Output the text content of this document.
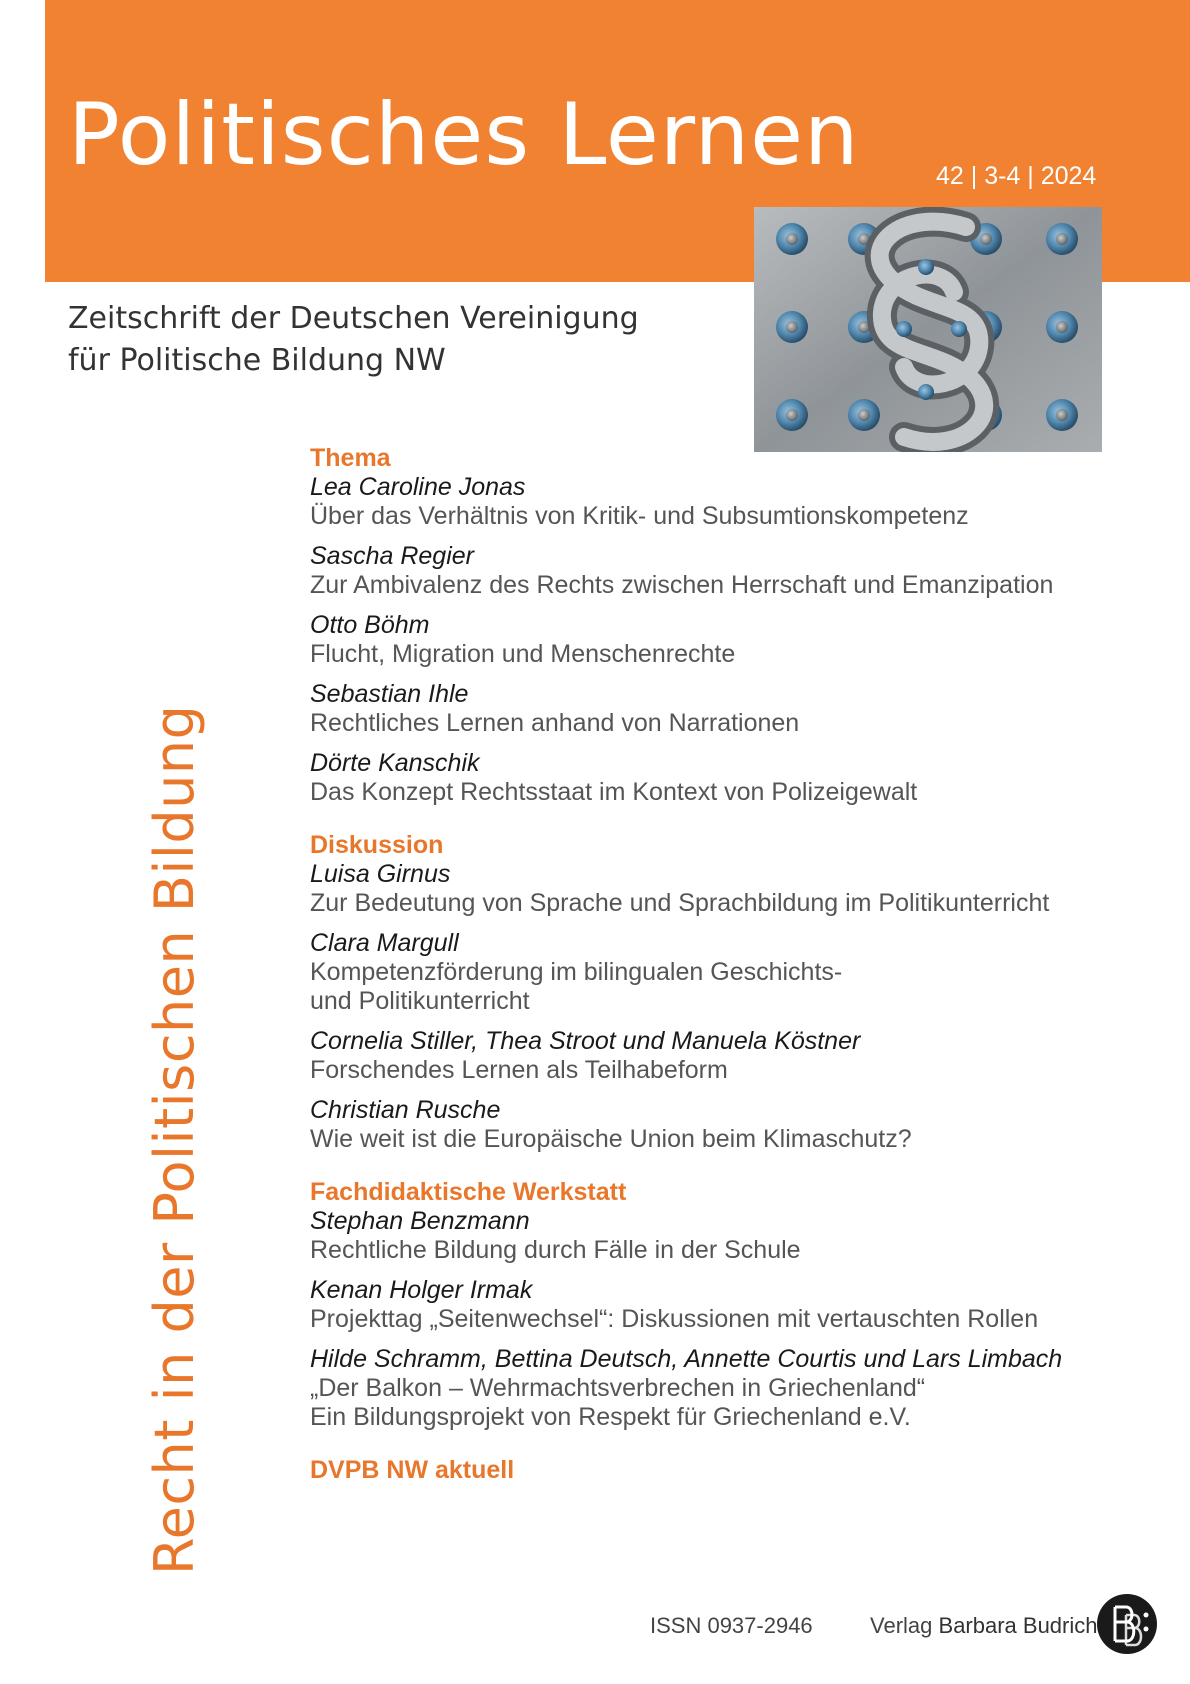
Politisches Lernen	42 | 3-4 | 2024
Zeitschrift der Deutschen Vereinigung
für Politische Bildung NW
Recht in der Politischen Bildung
Thema
Lea Caroline Jonas
Über das Verhältnis von Kritik- und Subsumtionskompetenz
Sascha Regier
Zur Ambivalenz des Rechts zwischen Herrschaft und Emanzipation
Otto Böhm
Flucht, Migration und Menschenrechte
Sebastian Ihle
Rechtliches Lernen anhand von Narrationen
Dörte Kanschik
Das Konzept Rechtsstaat im Kontext von Polizeigewalt
Diskussion
Luisa Girnus
Zur Bedeutung von Sprache und Sprachbildung im Politikunterricht
Clara Margull
Kompetenzförderung im bilingualen Geschichts-
und Politikunterricht
Cornelia Stiller, Thea Stroot und Manuela Köstner
Forschendes Lernen als Teilhabeform
Christian Rusche
Wie weit ist die Europäische Union beim Klimaschutz?
Fachdidaktische Werkstatt
Stephan Benzmann
Rechtliche Bildung durch Fälle in der Schule
Kenan Holger Irmak
Projekttag „Seitenwechsel“: Diskussionen mit vertauschten Rollen
Hilde Schramm, Bettina Deutsch, Annette Courtis und Lars Limbach
„Der Balkon – Wehrmachtsverbrechen in Griechenland“
Ein Bildungsprojekt von Respekt für Griechenland e.V.
DVPB NW aktuell
ISSN 0937-2946	Verlag Barbara Budrich
